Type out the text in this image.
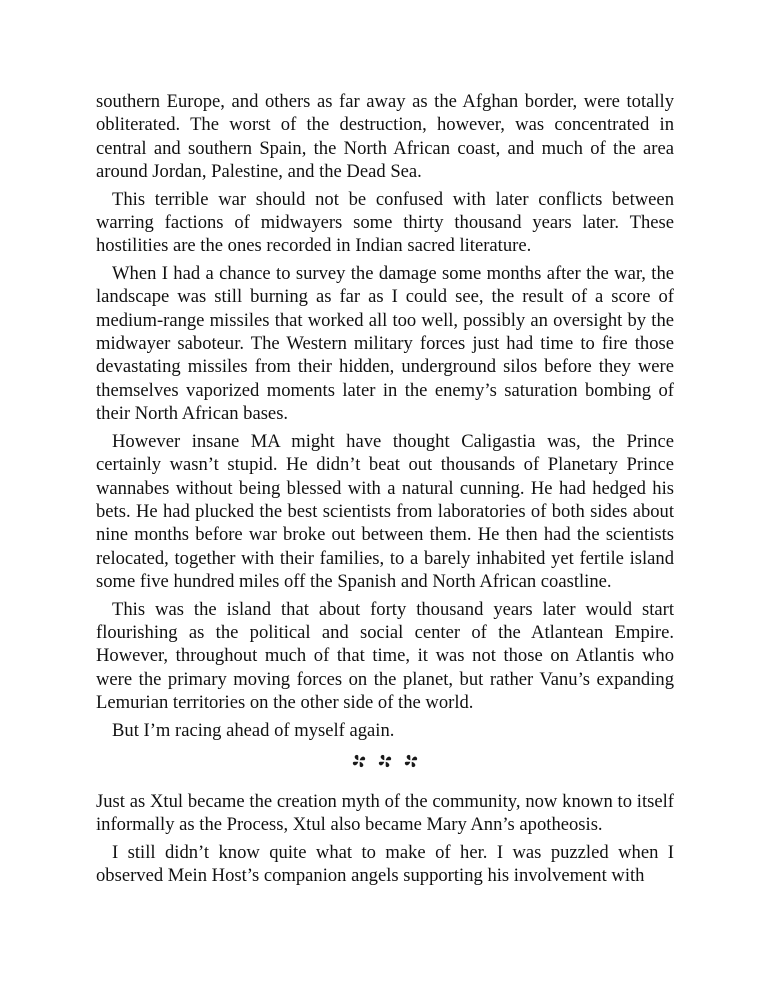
southern Europe, and others as far away as the Afghan border, were totally obliterated. The worst of the destruction, however, was concentrated in central and southern Spain, the North African coast, and much of the area around Jordan, Palestine, and the Dead Sea.

This terrible war should not be confused with later conflicts between warring factions of midwayers some thirty thousand years later. These hostilities are the ones recorded in Indian sacred literature.

When I had a chance to survey the damage some months after the war, the landscape was still burning as far as I could see, the result of a score of medium-range missiles that worked all too well, possibly an oversight by the midwayer saboteur. The Western military forces just had time to fire those devastating missiles from their hidden, underground silos before they were themselves vaporized moments later in the enemy’s saturation bombing of their North African bases.

However insane MA might have thought Caligastia was, the Prince certainly wasn’t stupid. He didn’t beat out thousands of Planetary Prince wannabes without being blessed with a natural cunning. He had hedged his bets. He had plucked the best scientists from laboratories of both sides about nine months before war broke out between them. He then had the scientists relocated, together with their families, to a barely inhabited yet fertile island some five hundred miles off the Spanish and North African coastline.

This was the island that about forty thousand years later would start flourishing as the political and social center of the Atlantean Empire. However, throughout much of that time, it was not those on Atlantis who were the primary moving forces on the planet, but rather Vanu’s expanding Lemurian territories on the other side of the world.

But I’m racing ahead of myself again.

Just as Xtul became the creation myth of the community, now known to itself informally as the Process, Xtul also became Mary Ann’s apotheosis.

I still didn’t know quite what to make of her. I was puzzled when I observed Mein Host’s companion angels supporting his involvement with
